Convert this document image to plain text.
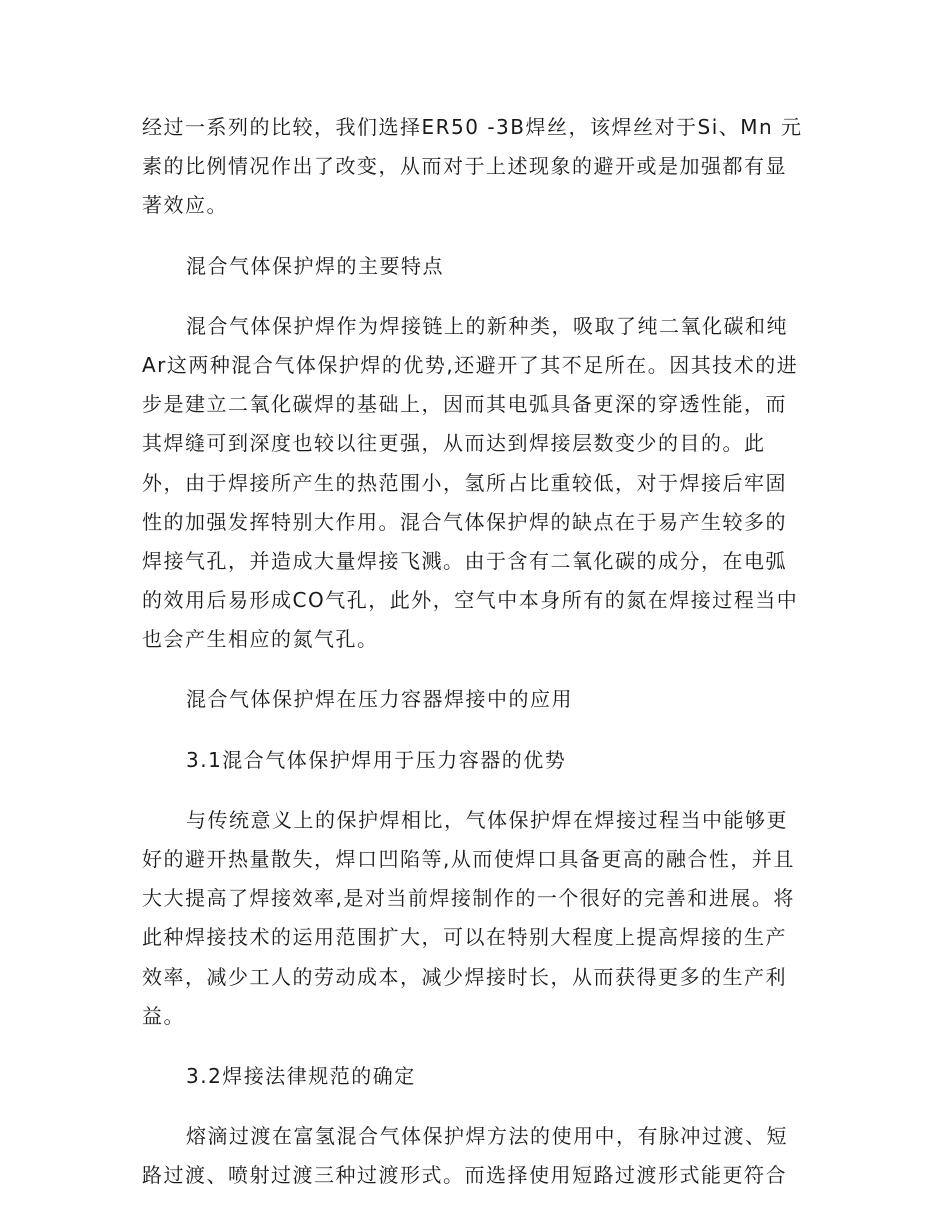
经过一系列的比较，我们选择ER50 -3B焊丝，该焊丝对于Si、Mn 元
素的比例情况作出了改变，从而对于上述现象的避开或是加强都有显
著效应。
混合气体保护焊的主要特点
混合气体保护焊作为焊接链上的新种类，吸取了纯二氧化碳和纯
Ar这两种混合气体保护焊的优势,还避开了其不足所在。因其技术的进
步是建立二氧化碳焊的基础上，因而其电弧具备更深的穿透性能，而
其焊缝可到深度也较以往更强，从而达到焊接层数变少的目的。此
外，由于焊接所产生的热范围小，氢所占比重较低，对于焊接后牢固
性的加强发挥特别大作用。混合气体保护焊的缺点在于易产生较多的
焊接气孔，并造成大量焊接飞溅。由于含有二氧化碳的成分，在电弧
的效用后易形成CO气孔，此外，空气中本身所有的氮在焊接过程当中
也会产生相应的氮气孔。
混合气体保护焊在压力容器焊接中的应用
3.1混合气体保护焊用于压力容器的优势
与传统意义上的保护焊相比，气体保护焊在焊接过程当中能够更
好的避开热量散失，焊口凹陷等,从而使焊口具备更高的融合性，并且
大大提高了焊接效率,是对当前焊接制作的一个很好的完善和进展。将
此种焊接技术的运用范围扩大，可以在特别大程度上提高焊接的生产
效率，减少工人的劳动成本，减少焊接时长，从而获得更多的生产利
益。
3.2焊接法律规范的确定
熔滴过渡在富氢混合气体保护焊方法的使用中，有脉冲过渡、短
路过渡、喷射过渡三种过渡形式。而选择使用短路过渡形式能更符合
